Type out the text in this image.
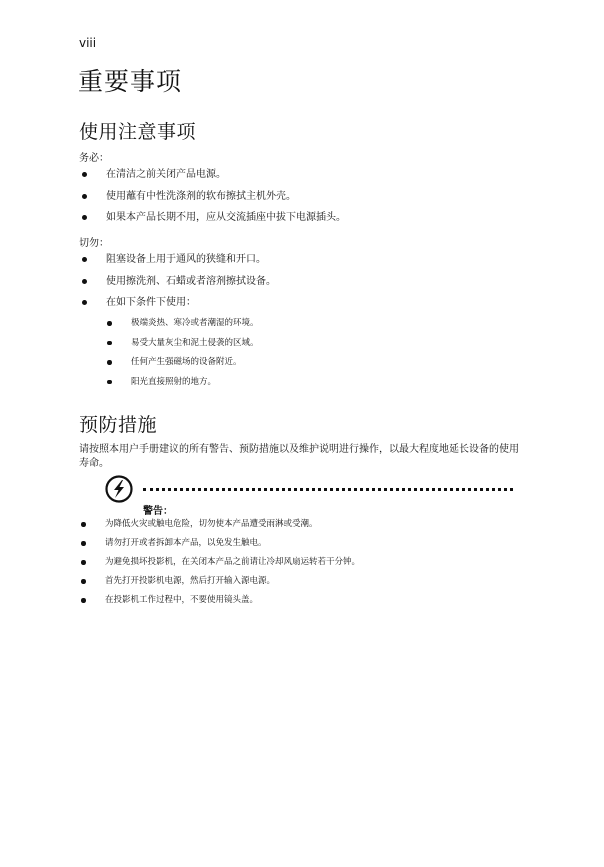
viii
重要事项
使用注意事项
务必：
在清洁之前关闭产品电源。
使用蘸有中性洗涤剂的软布擦拭主机外壳。
如果本产品长期不用，应从交流插座中拔下电源插头。
切勿：
阻塞设备上用于通风的狭缝和开口。
使用擦洗剂、石蜡或者溶剂擦拭设备。
在如下条件下使用：
极端炎热、寒冷或者潮湿的环境。
易受大量灰尘和泥土侵袭的区域。
任何产生强磁场的设备附近。
阳光直接照射的地方。
预防措施
请按照本用户手册建议的所有警告、预防措施以及维护说明进行操作，以最大程度地延长设备的使用寿命。
警告：
为降低火灾或触电危险，切勿使本产品遭受雨淋或受潮。
请勿打开或者拆卸本产品，以免发生触电。
为避免损坏投影机，在关闭本产品之前请让冷却风扇运转若干分钟。
首先打开投影机电源，然后打开输入源电源。
在投影机工作过程中，不要使用镜头盖。
